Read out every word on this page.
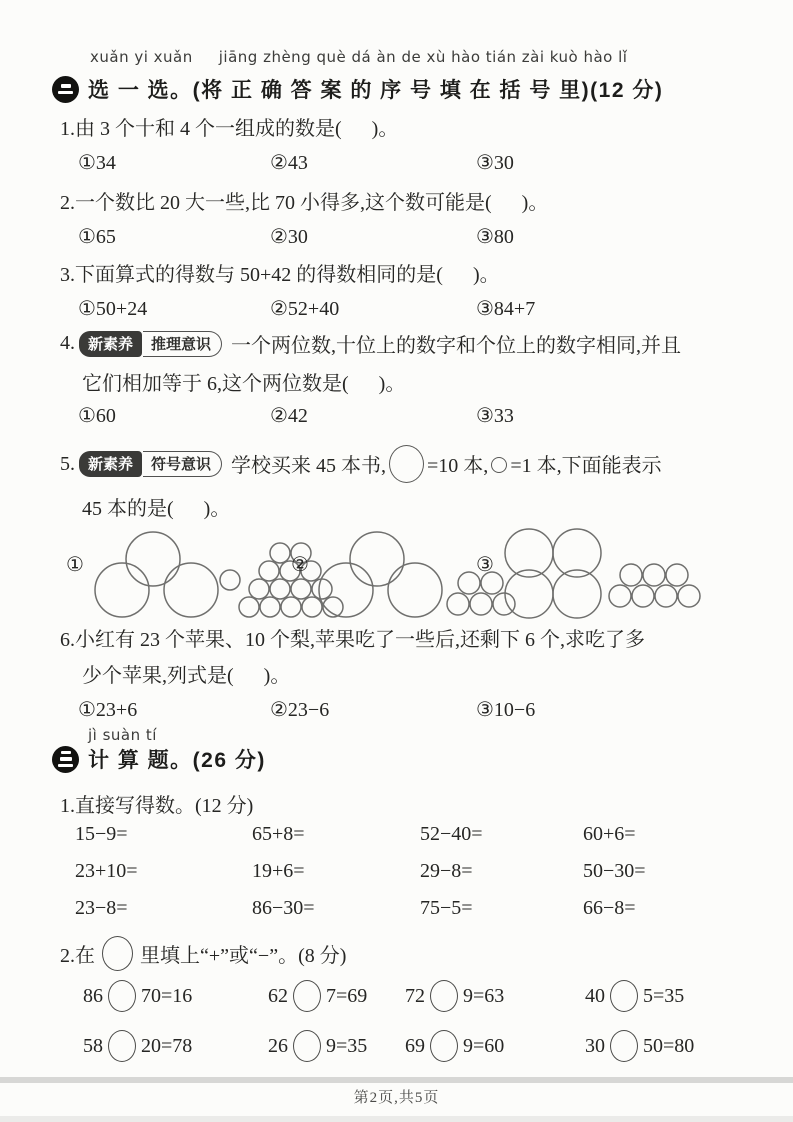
xuǎn yi xuǎn jiāng zhèng què dá àn de xù hào tián zài kuò hào lǐ
选 一 选。(将 正 确 答 案 的 序 号 填 在 括 号 里)(12 分)
1.由 3 个十和 4 个一组成的数是(      )。
①34	②43	③30
2.一个数比 20 大一些,比 70 小得多,这个数可能是(      )。
①65	②30	③80
3.下面算式的得数与 50+42 的得数相同的是(      )。
①50+24	②52+40	③84+7
4. 新素养	推理意识	一个两位数,十位上的数字和个位上的数字相同,并且
它们相加等于 6,这个两位数是(      )。
①60	②42	③33
5. 新素养	符号意识	学校买来 45 本书, =10 本, =1 本,下面能表示
45 本的是(      )。
①	②	③
6.小红有 23 个苹果、10 个梨,苹果吃了一些后,还剩下 6 个,求吃了多
少个苹果,列式是(      )。
①23+6	②23−6	③10−6
jì suàn tí
计 算 题。(26 分)
1.直接写得数。(12 分)
15−9=	65+8=	52−40=	60+6=
23+10=	19+6=	29−8=	50−30=
23−8=	86−30=	75−5=	66−8=
2.在 里填上“+”或“−”。(8 分)
86 70=16	62 7=69 72 9=63	40 5=35
58 20=78	26 9=35 69 9=60	30 50=80
第2页,共5页
